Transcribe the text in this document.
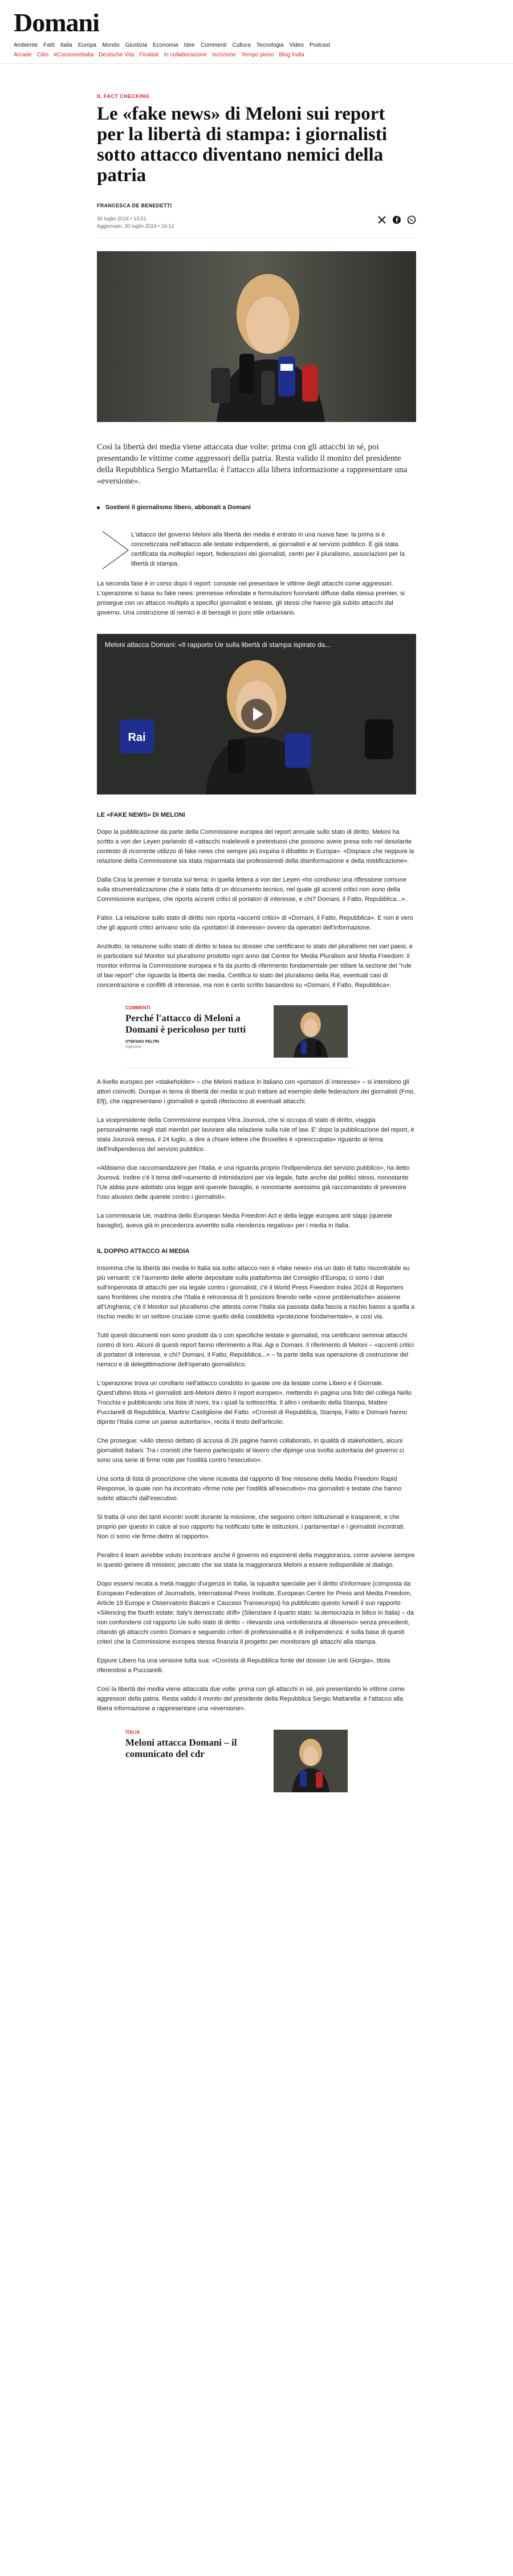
Domani
Ambiente Fatti Italia Europa Mondo Giustizia Economia Idee Commenti Cultura Tecnologia Video Podcast
Arcade Cibo #Consonorbalia Deutsche Vita Finalisti In collaborazione Iscrizione Tempo pieno Blog India
IL FACT CHECKING
Le «fake news» di Meloni sui report per la libertà di stampa: i giornalisti sotto attacco diventano nemici della patria
FRANCESCA DE BENEDETTI
30 luglio 2024 • 13:51
Aggiornato, 30 luglio 2024 • 19:12

Così la libertà dei media viene attaccata due volte: prima con gli attacchi in sé, poi presentando le vittime come aggressori della patria. Resta valido il monito del presidente della Repubblica Sergio Mattarella: è l'attacco alla libera informazione a rappresentare una «eversione».

Sostieni il giornalismo libero, abbonati a Domani

L'attacco del governo Meloni alla libertà dei media è entrato in una nuova fase: la prima si è concretizzata nell'attacco alle testate indipendenti, ai giornalisti e al servizio pubblico. È già stata certificata da molteplici report, federazioni dei giornalisti, centri per il pluralismo, associazioni per la libertà di stampa.

La seconda fase è in corso dopo il report: consiste nel presentare le vittime degli attacchi come aggressori. L'operazione si basa su fake news: premesse infondate e formulazioni fuorvianti diffuse dalla stessa premier, si prosegue con un attacco multiplo a specifici giornalisti e testate, gli stessi che hanno già subìto attacchi dal governo. Una costruzione di nemici e di bersagli in puro stile orbaniano.

Rai
Meloni attacca Domani: «Il rapporto Ue sulla libertà di stampa ispirato da...
LE «FAKE NEWS» DI MELONI

Dopo la pubblicazione da parte della Commissione europea del report annuale sullo stato di diritto, Meloni ha scritto a von der Leyen parlando di «attacchi malelevoli e pretestuosi che possono avere presa solo nel desolante contesto di ricorrente utilizzo di fake news che sempre più inquina il dibattito in Europa». «Dispiace che neppure la relazione della Commissione sia stata risparmiata dai professionisti della disinformazione e della mistificazione».

Dalla Cina la premier è tornata sul tema: in quella lettera a von der Leyen «ho condiviso una riflessione comune sulla strumentalizzazione che è stata fatta di un documento tecnico, nel quale gli accenti critici non sono della Commissione europea, che riporta accenti critici di portatori di interesse, e chi? Domani, il Fatto, Repubblica...».

Falso. La relazione sullo stato di diritto non riporta «accenti critici» di «Domani, il Fatto, Repubblica». E non è vero che gli appunti critici arrivano solo da «portatori di interesse» ovvero da operatori dell'informazione.

Anzitutto, la relazione sullo stato di diritto si basa su dossier che certificano lo stato del pluralismo nei vari paesi, e in particolare sul Monitor sul pluralismo prodotto ogni anno dal Centre for Media Pluralism and Media Freedom: il monitor informa la Commissione europea e fa da punto di riferimento fondamentale per stilare la sezione del "rule of law report" che riguarda la libertà dei media. Certifica lo stato del pluralismo della Rai, eventuali casi di concentrazione e conflitti di interesse, ma non è certo scritto basandosi su «Domani, il Fatto, Repubblica».

COMMENTI
Perché l'attacco di Meloni a Domani è pericoloso per tutti
STEFANO FELTRI
Opinione

A livello europeo per «stakeholder» – che Meloni traduce in italiano con «portatori di interesse» – si intendono gli attori coinvolti. Dunque in tema di libertà dei media si può trattare ad esempio delle federazioni dei giornalisti (Fnsi, Efj), che rappresentano i giornalisti e quindi riferiscono di eventuali attacchi.

La vicepresidente della Commissione europea Věra Jourová, che si occupa di stato di diritto, viaggia personalmente negli stati membri per lavorare alla relazione sulla rule of law. E' dopo la pubblicazione del report, è stata Jourová stessa, il 24 luglio, a dire a chiare lettere che Bruxelles è «preoccupata» riguardo al tema dell'indipendenza del servizio pubblico.

«Abbiamo due raccomandazioni per l'Italia, e una riguarda proprio l'indipendenza del servizio pubblico», ha detto Jourová. Inoltre c'è il tema dell'«aumento di intimidazioni per via legale, fatte anche dai politici stessi, nonostante l'Ue abbia pure adottato una legge anti querele bavaglio, e nonostante avessimo già raccomandato di prevenire l'uso abusivo delle querele contro i giornalisti».

La commissaria Ue, madrina dello European Media Freedom Act e della legge europea anti slapp (querele bavaglio), aveva già in precedenza avvertito sulla «tendenza negativa» per i media in Italia.

IL DOPPIO ATTACCO AI MEDIA

Insomma che la libertà dei media in Italia sia sotto attacco non è «fake news» ma un dato di fatto riscontrabile su più versanti: c'è l'aumento delle allerte depositate sulla piattaforma del Consiglio d'Europa; ci sono i dati sull'impennata di attacchi per via legale contro i giornalisti; c'è il World Press Freedom Index 2024 di Reporters sans frontières che mostra che l'Italia è retrocessa di 5 posizioni finendo nelle «zone problematiche» assieme all'Ungheria; c'è il Monitor sul pluralismo che attesta come l'Italia sia passata dalla fascia a rischio basso a quella a rischio medio in un settore cruciale come quello della cosiddetta «protezione fondamentale», e così via.

Tutti questi documenti non sono prodotti da o con specifiche testate e giornalisti, ma certificano semmai attacchi contro di loro. Alcuni di questi report fanno riferimento a Rai, Agi e Domani. Il riferimento di Meloni – «accenti critici di portatori di interesse, e chi? Domani, il Fatto, Repubblica...» – fa parte della sua operazione di costruzione del nemico e di delegittimazione dell'operato giornalistico.

L'operazione trova un corollario nell'attacco condotto in queste ore da testate come Libero e il Giornale. Quest'ultimo titola «I giornalisti anti-Meloni dietro il report europeo», mettendo in pagina una foto del collega Nello Trocchia e pubblicando una lista di nomi, tra i quali la sottoscritta. Il altro i ombardo della Stampa, Matteo Pucciarelli di Repubblica, Martino Castiglione del Fatto. «Cronisti di Repubblica, Stampa, Fatto e Domani hanno dipinto l'Italia come un paese autoritario», recita il testo dell'articolo.

Che prosegue: «Allo stesso dettato di accusa di 26 pagine hanno collaborato, in qualità di stakeholders, alcuni giornalisti italiani. Tra i cronisti che hanno partecipato al lavoro che dipinge una svolta autoritaria del governo ci sono una serie di firme note per l'ostilità contro l'esecutivo».

Una sorta di lista di proscrizione che viene ricavata dal rapporto di fine missione della Media Freedom Rapid Response, la quale non ha incontrato «firme note per l'ostilità all'esecutivo» ma giornalisti e testate che hanno subìto attacchi dall'esecutivo.

Si tratta di uno dei tanti incontri svolti durante la missione, che seguono criteri istituzionali e trasparenti, e che proprio per questo in calce al suo rapporto ha notificato tutte le istituzioni, i parlamentari e i giornalisti incontrati. Non ci sono «le firme dietro al rapporto».

Peraltro il team avrebbe voluto incontrare anche il governo ed esponenti della maggioranza, come avviene sempre in questo genere di missioni; peccato che sia stata la maggioranza Meloni a essere indisponibile al dialogo.

Dopo essersi recata a metà maggio d'urgenza in Italia, la squadra specialie per il diritto d'informare (composta da European Federation of Journalists, International Press Institute, European Centre for Press and Media Freedom, Article 19 Europe e Osservatorio Balcani e Caucaso Transeuropa) ha pubblicato questo lunedì il suo rapporto «Silencing the fourth estate: Italy's democratic drift» (Silenziare il quarto stato: la democrazia in bilico in Italia) – da non confondersi col rapporto Ue sullo stato di diritto – rilevando una «intolleranza al dissenso» senza precedenti, citando gli attacchi contro Domani e seguendo criteri di professionalità e di indipendenza: è sulla base di questi criteri che la Commissione europea stessa finanzia il progetto per monitorare gli attacchi alla stampa.

Eppure Libero ha una versione tutta sua: «Cronista di Repubblica fonte del dossier Ue anti Giorgia», titola riferendosi a Pucciarelli.

Così la libertà dei media viene attaccata due volte: prima con gli attacchi in sé, poi presentando le vittime come aggressori della patria. Resta valido il monito del presidente della Repubblica Sergio Mattarella: è l'attacco alla libera informazione a rappresentare una «eversione».

ITALIA
Meloni attacca Domani – il comunicato del cdr
